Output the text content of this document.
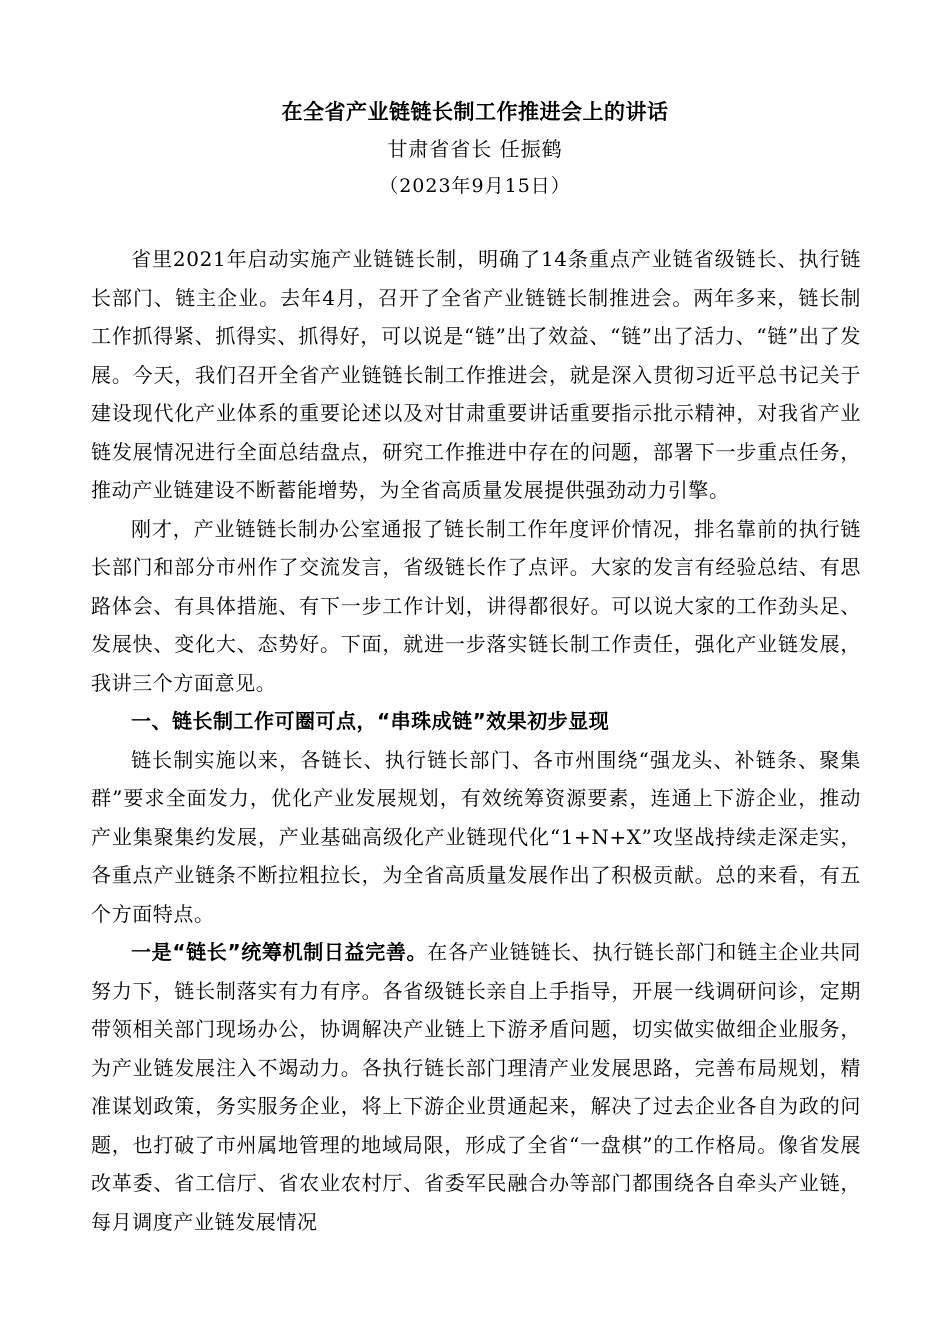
在全省产业链链长制工作推进会上的讲话

甘肃省省长 任振鹤

（2023年9月15日）

省里2021年启动实施产业链链长制，明确了14条重点产业链省级链长、执行链长部门、链主企业。去年4月，召开了全省产业链链长制推进会。两年多来，链长制工作抓得紧、抓得实、抓得好，可以说是“链”出了效益、“链”出了活力、“链”出了发展。今天，我们召开全省产业链链长制工作推进会，就是深入贯彻习近平总书记关于建设现代化产业体系的重要论述以及对甘肃重要讲话重要指示批示精神，对我省产业链发展情况进行全面总结盘点，研究工作推进中存在的问题，部署下一步重点任务，推动产业链建设不断蓄能增势，为全省高质量发展提供强劲动力引擎。

刚才，产业链链长制办公室通报了链长制工作年度评价情况，排名靠前的执行链长部门和部分市州作了交流发言，省级链长作了点评。大家的发言有经验总结、有思路体会、有具体措施、有下一步工作计划，讲得都很好。可以说大家的工作劲头足、发展快、变化大、态势好。下面，就进一步落实链长制工作责任，强化产业链发展，我讲三个方面意见。

一、链长制工作可圈可点，“串珠成链”效果初步显现

链长制实施以来，各链长、执行链长部门、各市州围绕“强龙头、补链条、聚集群”要求全面发力，优化产业发展规划，有效统筹资源要素，连通上下游企业，推动产业集聚集约发展，产业基础高级化产业链现代化“1+N+X”攻坚战持续走深走实，各重点产业链条不断拉粗拉长，为全省高质量发展作出了积极贡献。总的来看，有五个方面特点。

一是“链长”统筹机制日益完善。在各产业链链长、执行链长部门和链主企业共同努力下，链长制落实有力有序。各省级链长亲自上手指导，开展一线调研问诊，定期带领相关部门现场办公，协调解决产业链上下游矛盾问题，切实做实做细企业服务，为产业链发展注入不竭动力。各执行链长部门理清产业发展思路，完善布局规划，精准谋划政策，务实服务企业，将上下游企业贯通起来，解决了过去企业各自为政的问题，也打破了市州属地管理的地域局限，形成了全省“一盘棋”的工作格局。像省发展改革委、省工信厅、省农业农村厅、省委军民融合办等部门都围绕各自牵头产业链，每月调度产业链发展情况
